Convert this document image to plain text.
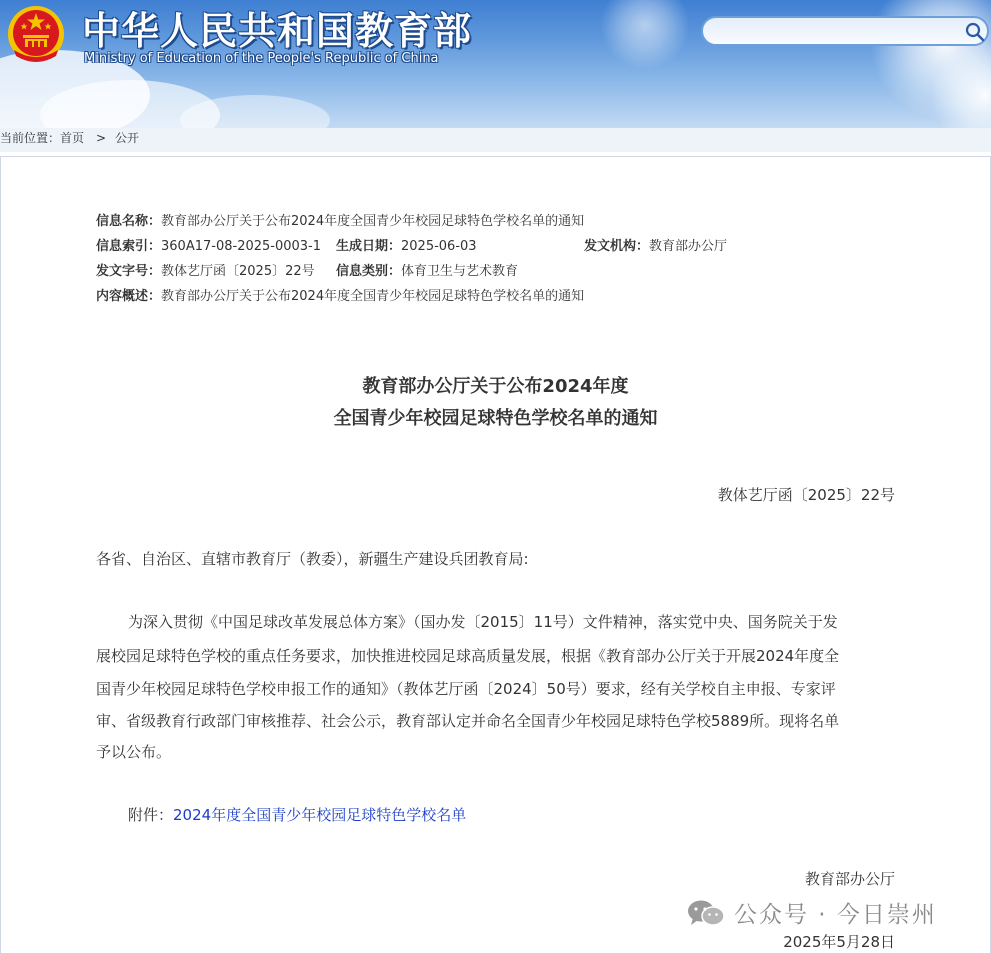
中华人民共和国教育部
Ministry of Education of the People's Republic of China
当前位置： 首页 > 公开
信息名称：教育部办公厅关于公布2024年度全国青少年校园足球特色学校名单的通知
信息索引：360A17-08-2025-0003-1 生成日期：2025-06-03	发文机构：教育部办公厅
发文字号：教体艺厅函〔2025〕22号 信息类别：体育卫生与艺术教育
内容概述：教育部办公厅关于公布2024年度全国青少年校园足球特色学校名单的通知
教育部办公厅关于公布2024年度
全国青少年校园足球特色学校名单的通知
教体艺厅函〔2025〕22号
各省、自治区、直辖市教育厅（教委），新疆生产建设兵团教育局:
为深入贯彻《中国足球改革发展总体方案》（国办发〔2015〕11号）文件精神，落实党中央、国务院关于发
展校园足球特色学校的重点任务要求，加快推进校园足球高质量发展，根据《教育部办公厅关于开展2024年度全
国青少年校园足球特色学校申报工作的通知》（教体艺厅函〔2024〕50号）要求，经有关学校自主申报、专家评
审、省级教育行政部门审核推荐、社会公示，教育部认定并命名全国青少年校园足球特色学校5889所。现将名单
予以公布。
附件：2024年度全国青少年校园足球特色学校名单
教育部办公厅
公众号 · 今日崇州
2025年5月28日
